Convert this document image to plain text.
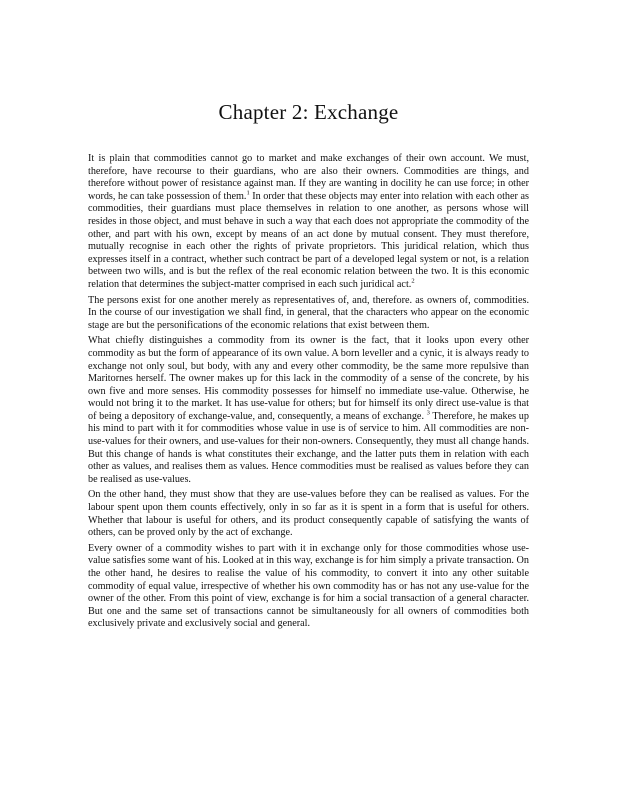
Chapter 2: Exchange

It is plain that commodities cannot go to market and make exchanges of their own account. We must, therefore, have recourse to their guardians, who are also their owners. Commodities are things, and therefore without power of resistance against man. If they are wanting in docility he can use force; in other words, he can take possession of them.$^1$ In order that these objects may enter into relation with each other as commodities, their guardians must place themselves in relation to one another, as persons whose will resides in those object, and must behave in such a way that each does not appropriate the commodity of the other, and part with his own, except by means of an act done by mutual consent. They must therefore, mutually recognise in each other the rights of private proprietors. This juridical relation, which thus expresses itself in a contract, whether such contract be part of a developed legal system or not, is a relation between two wills, and is but the reflex of the real economic relation between the two. It is this economic relation that determines the subject-matter comprised in each such juridical act.$^2$

The persons exist for one another merely as representatives of, and, therefore. as owners of, commodities. In the course of our investigation we shall find, in general, that the characters who appear on the economic stage are but the personifications of the economic relations that exist between them.

What chiefly distinguishes a commodity from its owner is the fact, that it looks upon every other commodity as but the form of appearance of its own value. A born leveller and a cynic, it is always ready to exchange not only soul, but body, with any and every other commodity, be the same more repulsive than Maritornes herself. The owner makes up for this lack in the commodity of a sense of the concrete, by his own five and more senses. His commodity possesses for himself no immediate use-value. Otherwise, he would not bring it to the market. It has use-value for others; but for himself its only direct use-value is that of being a depository of exchange-value, and, consequently, a means of exchange. $^3$ Therefore, he makes up his mind to part with it for commodities whose value in use is of service to him. All commodities are non-use-values for their owners, and use-values for their non-owners. Consequently, they must all change hands. But this change of hands is what constitutes their exchange, and the latter puts them in relation with each other as values, and realises them as values. Hence commodities must be realised as values before they can be realised as use-values.

On the other hand, they must show that they are use-values before they can be realised as values. For the labour spent upon them counts effectively, only in so far as it is spent in a form that is useful for others. Whether that labour is useful for others, and its product consequently capable of satisfying the wants of others, can be proved only by the act of exchange.

Every owner of a commodity wishes to part with it in exchange only for those commodities whose use-value satisfies some want of his. Looked at in this way, exchange is for him simply a private transaction. On the other hand, he desires to realise the value of his commodity, to convert it into any other suitable commodity of equal value, irrespective of whether his own commodity has or has not any use-value for the owner of the other. From this point of view, exchange is for him a social transaction of a general character. But one and the same set of transactions cannot be simultaneously for all owners of commodities both exclusively private and exclusively social and general.
